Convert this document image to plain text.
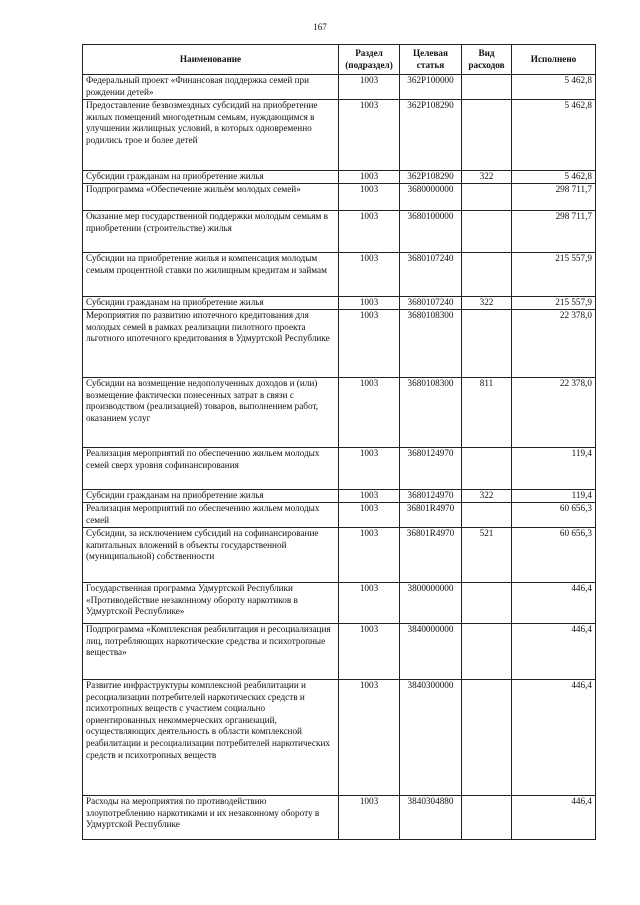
167
Наименование	Раздел (подраздел)	Целевая статья	Вид расходов	Исполнено
Федеральный проект «Финансовая поддержка семей при рождении детей»	1003	362P100000		5 462,8
Предоставление безвозмездных субсидий на приобретение жилых помещений многодетным семьям, нуждающимся в улучшении жилищных условий, в которых одновременно родились трое и более детей	1003	362P108290		5 462,8
Субсидии гражданам на приобретение жилья	1003	362P108290	322	5 462,8
Подпрограмма «Обеспечение жильём молодых семей»	1003	3680000000		298 711,7
Оказание мер государственной поддержки молодым семьям в приобретении (строительстве) жилья	1003	3680100000		298 711,7
Субсидии на приобретение жилья и компенсация молодым семьям процентной ставки по жилищным кредитам и займам	1003	3680107240		215 557,9
Субсидии гражданам на приобретение жилья	1003	3680107240	322	215 557,9
Мероприятия по развитию ипотечного кредитования для молодых семей в рамках реализации пилотного проекта льготного ипотечного кредитования в Удмуртской Республике	1003	3680108300		22 378,0
Субсидии на возмещение недополученных доходов и (или) возмещение фактически понесенных затрат в связи с производством (реализацией) товаров, выполнением работ, оказанием услуг	1003	3680108300	811	22 378,0
Реализация мероприятий по обеспечению жильем молодых семей сверх уровня софинансирования	1003	3680124970		119,4
Субсидии гражданам на приобретение жилья	1003	3680124970	322	119,4
Реализация мероприятий по обеспечению жильем молодых семей	1003	36801R4970		60 656,3
Субсидии, за исключением субсидий на софинансирование капитальных вложений в объекты государственной (муниципальной) собственности	1003	36801R4970	521	60 656,3
Государственная программа Удмуртской Республики «Противодействие незаконному обороту наркотиков в Удмуртской Республике»	1003	3800000000		446,4
Подпрограмма «Комплексная реабилитация и ресоциализация лиц, потребляющих наркотические средства и психотропные вещества»	1003	3840000000		446,4
Развитие инфраструктуры комплексной реабилитации и ресоциализации потребителей наркотических средств и психотропных веществ с участием социально ориентированных некоммерческих организаций, осуществляющих деятельность в области комплексной реабилитации и ресоциализации потребителей наркотических средств и психотропных веществ	1003	3840300000		446,4
Расходы на мероприятия по противодействию злоупотреблению наркотиками и их незаконному обороту в Удмуртской Республике	1003	3840304880		446,4
